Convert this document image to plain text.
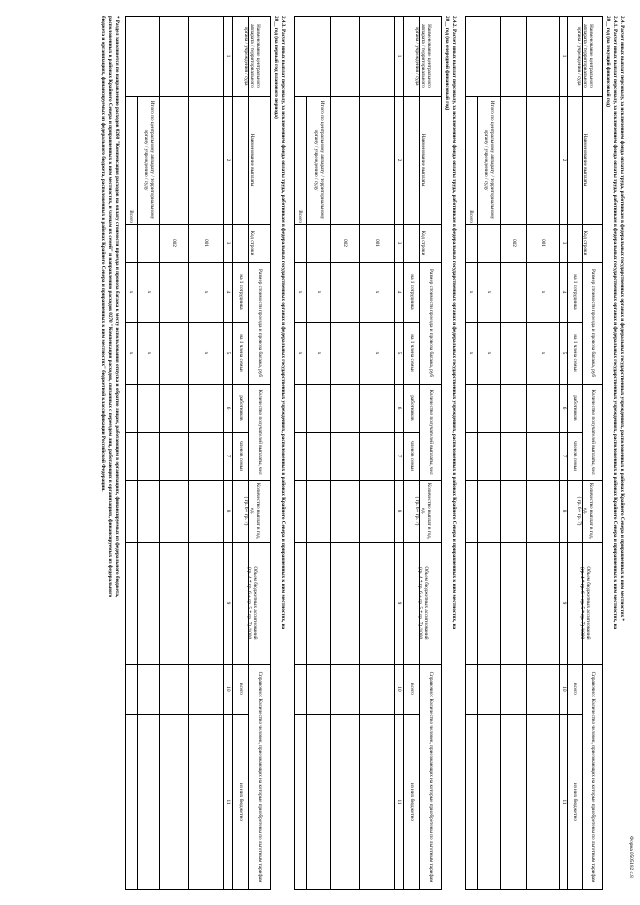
Форма 0505182 с.8
2.4. Расчет иных выплат персоналу, за исключением фонда оплаты труда, работникам в федеральных государственных органах и федеральных государственных учреждениях, расположенных в районах Крайнего Севера и приравненных к ним местностях *
2.4.1. Расчет иных выплат персоналу, за исключением фонда оплаты труда, работникам в федеральных государственных органах и федеральных государственных учреждениях, расположенных в районах Крайнего Севера и приравненных к ним местностях, на
20__ год (на текущий финансовый год)
Наименование центрального аппарата / территориального органа / учреждения / суда
Наименование выплаты
Код строки
Размер стоимости проезда и провоза багажа, руб
на 1 сотрудника
на 1 члена семьи
Количество получателей выплаты, чел
работников
членов семьи
Количество выплат в год, ед.
( гр. 6+ гр. 7)
Объем бюджетных ассигнований
(гр. 4 * гр. 6 + гр. 5 * гр. 7) /1000
Справочно: Количество человек, приезжающих на которые приобретены по льготным тарифам
всего
из них бюджетно
1
2
3
4
5
6
7
8
9
10
11
001
002
x
x
Итого по центральному аппарату / территориальному органу / учреждению / суду
Всего
x
x
x
x
2.4.2. Расчет иных выплат персоналу, за исключением фонда оплаты труда, работникам в федеральных государственных органах и федеральных государственных учреждениях, расположенных в районах Крайнего Севера и приравненных к ним местностях, на
20__ год (на очередной финансовый год)
Наименование центрального аппарата / территориального органа / учреждения / суда
Наименование выплаты
Код строки
Размер стоимости проезда и провоза багажа, руб
на 1 сотрудника
на 1 члена семьи
Количество получателей выплаты, чел
работников
членов семьи
Количество выплат в год, ед.
( гр. 6+ гр. 7)
Объем бюджетных ассигнований
(гр. 4 * гр. 6 + гр. 5 * гр. 7) /1000
Справочно: Количество человек, приезжающих на которые приобретены по льготным тарифам
всего
из них бюджетно
1
2
3
4
5
6
7
8
9
10
11
001
002
x
x
Итого по центральному аппарату / территориальному органу / учреждению / суду
Всего
x
x
x
x
2.4.3. Расчет иных выплат персоналу, за исключением фонда оплаты труда, работникам в федеральных государственных органах и федеральных государственных учреждениях, расположенных в районах Крайнего Севера и приравненных к ним местностях, на
20__ год (на первый год планового периода)
Наименование центрального аппарата / территориального органа / учреждения / суда
Наименование выплаты
Код строки
Размер стоимости проезда и провоза багажа, руб
на 1 сотрудника
на 1 члена семьи
Количество получателей выплаты, чел
работников
членов семьи
Количество выплат в год, ед.
( гр. 6+ гр. 7)
Объем бюджетных ассигнований
(гр. 4 * гр. 6 + гр. 5 * гр. 7) /1000
Справочно: Количество человек, приезжающих на которые приобретены по льготным тарифам
всего
из них бюджетно
1
2
3
4
5
6
7
8
9
10
11
001
002
x
x
Итого по центральному аппарату / территориальному органу / учреждению / суду
Всего
x
x
x
x
* Раздел заполняется по направлению расходов 0260 "Компенсация расходов на оплату стоимости проезда и провоза багажа к месту использования отпуска и обратно лицам, работающим в организациях, финансируемых из федерального бюджета,
расположенных в районах Крайнего Севера и приравненных к ним местностях, и членам их семей" и направлению расходов 0270 "Компенсация расходов, связанных с переездом лиц, работающих в организациях, финансируемых из федерального
бюджета и организациях, финансируемых из федерального бюджета, расположенных в районах Крайнего Севера и приравненных к ним местностях" бюджетной классификации Российской Федерации.
